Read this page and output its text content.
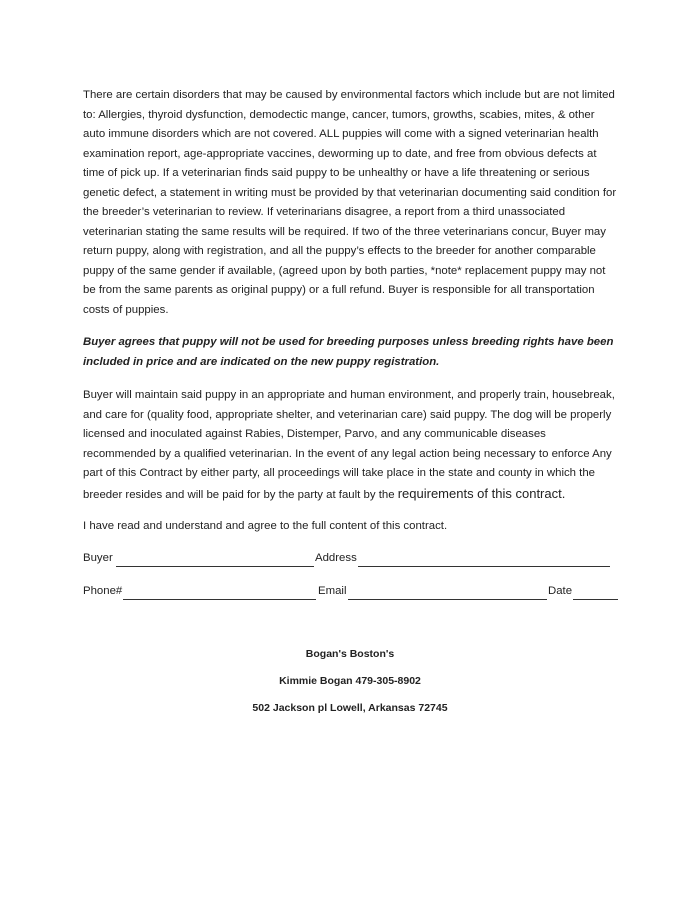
There are certain disorders that may be caused by environmental factors which include but are not limited to: Allergies, thyroid dysfunction, demodectic mange, cancer, tumors, growths, scabies, mites, & other auto immune disorders which are not covered. ALL puppies will come with a signed veterinarian health examination report, age-appropriate vaccines, deworming up to date, and free from obvious defects at time of pick up. If a veterinarian finds said puppy to be unhealthy or have a life threatening or serious genetic defect, a statement in writing must be provided by that veterinarian documenting said condition for the breeder’s veterinarian to review. If veterinarians disagree, a report from a third unassociated veterinarian stating the same results will be required. If two of the three veterinarians concur, Buyer may return puppy, along with registration, and all the puppy’s effects to the breeder for another comparable puppy of the same gender if available, (agreed upon by both parties, *note* replacement puppy may not be from the same parents as original puppy) or a full refund. Buyer is responsible for all transportation costs of puppies.

Buyer agrees that puppy will not be used for breeding purposes unless breeding rights have been included in price and are indicated on the new puppy registration.

Buyer will maintain said puppy in an appropriate and human environment, and properly train, housebreak, and care for (quality food, appropriate shelter, and veterinarian care) said puppy. The dog will be properly licensed and inoculated against Rabies, Distemper, Parvo, and any communicable diseases recommended by a qualified veterinarian. In the event of any legal action being necessary to enforce Any part of this Contract by either party, all proceedings will take place in the state and county in which the breeder resides and will be paid for by the party at fault by the requirements of this contract.

I have read and understand and agree to the full content of this contract.

Buyer	Address
Phone#	Email	Date
Bogan's Boston's
Kimmie Bogan 479-305-8902
502 Jackson pl Lowell, Arkansas 72745
